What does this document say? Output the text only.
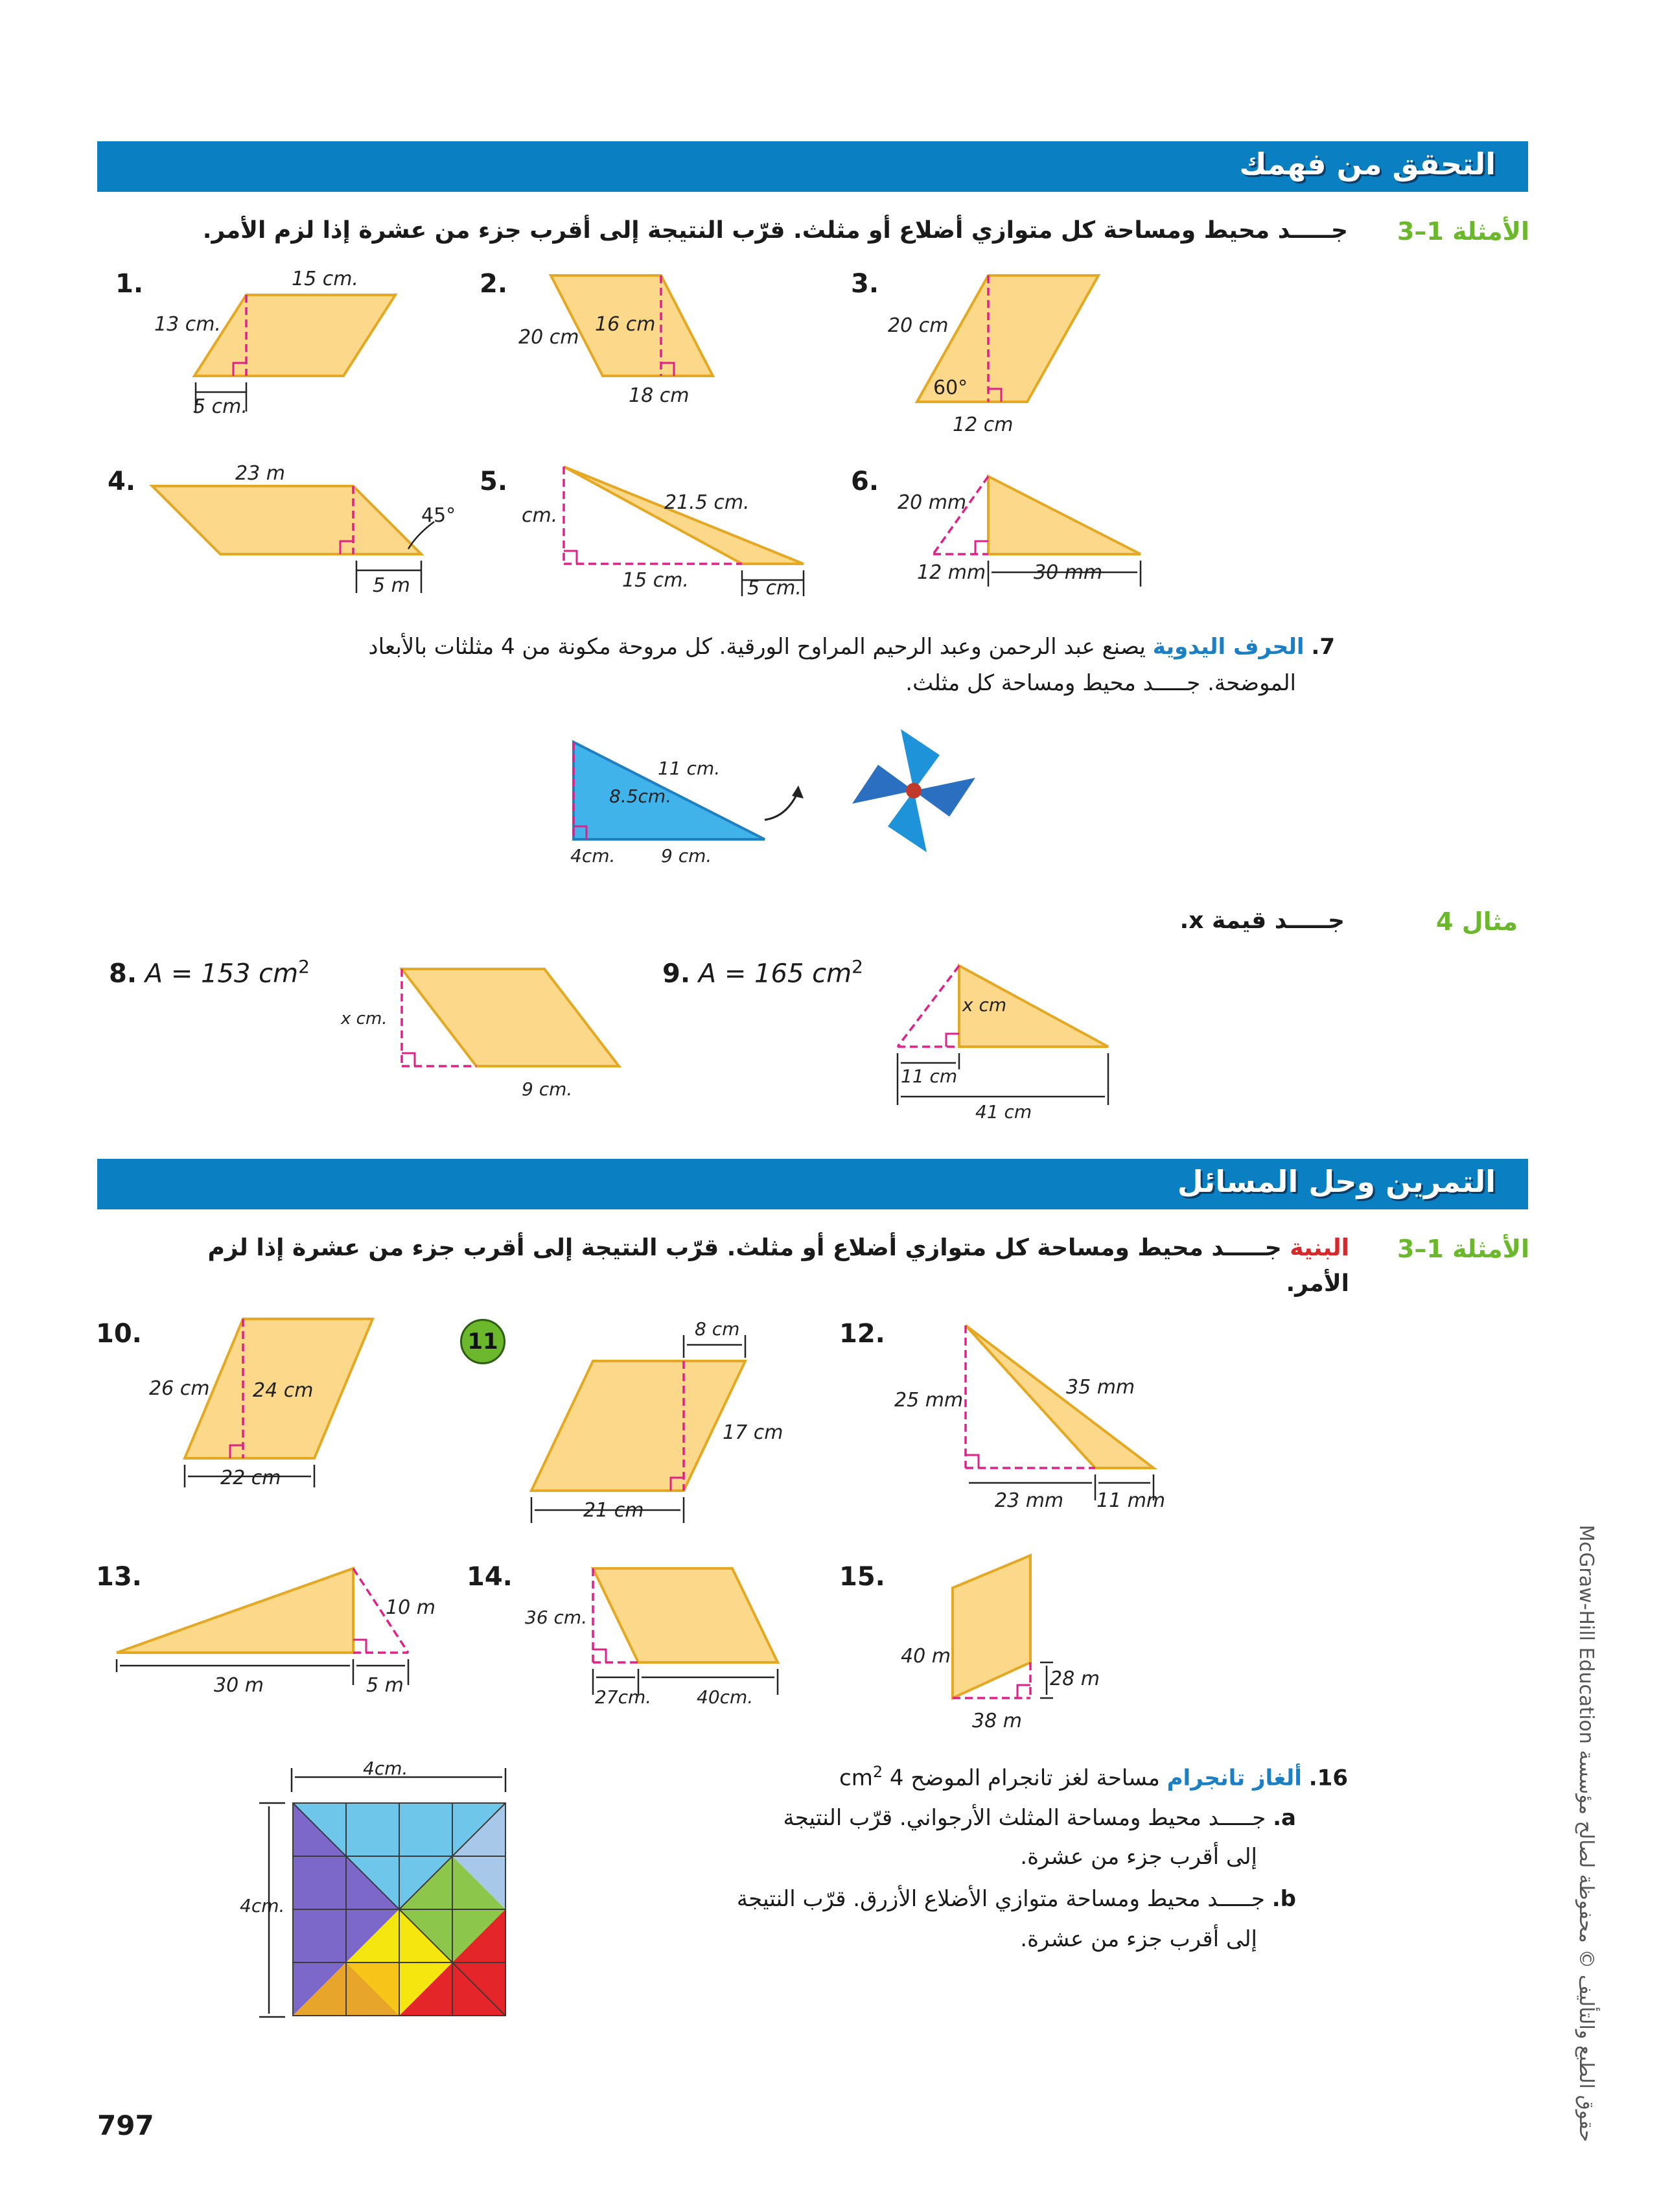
التحقق من فهمك
الأمثلة 1–3
جـــــد محيط ومساحة كل متوازي أضلاع أو مثلث. قرّب النتيجة إلى أقرب جزء من عشرة إذا لزم الأمر.
1.	15 cm.
13 cm.
5 cm.
2.
20 cm
16 cm
18 cm
3.
20 cm
60°
12 cm
4.	23 m
45°
5 m
5.
cm.
21.5 cm.
15 cm.	5 cm.
6.
20 mm
12 mm 30 mm
7. الحرف اليدوية يصنع عبد الرحمن وعبد الرحيم المراوح الورقية. كل مروحة مكونة من 4 مثلثات بالأبعاد
الموضحة. جـــــد محيط ومساحة كل مثلث.
11 cm.
8.5cm.
4cm.	9 cm.
مثال 4
جـــــد قيمة x.
8. A = 153 $cm^2$
x cm.
9 cm.
9. A = 165 $cm^2$
x cm
11 cm
41 cm
التمرين وحل المسائل
الأمثلة 1–3
البنية جـــــد محيط ومساحة كل متوازي أضلاع أو مثلث. قرّب النتيجة إلى أقرب جزء من عشرة إذا لزم
الأمر.
10.
26 cm 24 cm
22 cm
11	8 cm
17 cm
21 cm
12.
25 mm
35 mm
23 mm 11 mm
13.
10 m
30 m	5 m
14.
36 cm.
27cm. 40cm.
15.
40 m
28 m
38 m
16. ألغاز تانجرام مساحة لغز تانجرام الموضح 4 $cm^2$
a. جـــــد محيط ومساحة المثلث الأرجواني. قرّب النتيجة
إلى أقرب جزء من عشرة.
b. جـــــد محيط ومساحة متوازي الأضلاع الأزرق. قرّب النتيجة
إلى أقرب جزء من عشرة.
4cm.
4cm.
797
حقوق الطبع والتأليف © محفوظة لصالح مؤسسة McGraw-Hill Education
